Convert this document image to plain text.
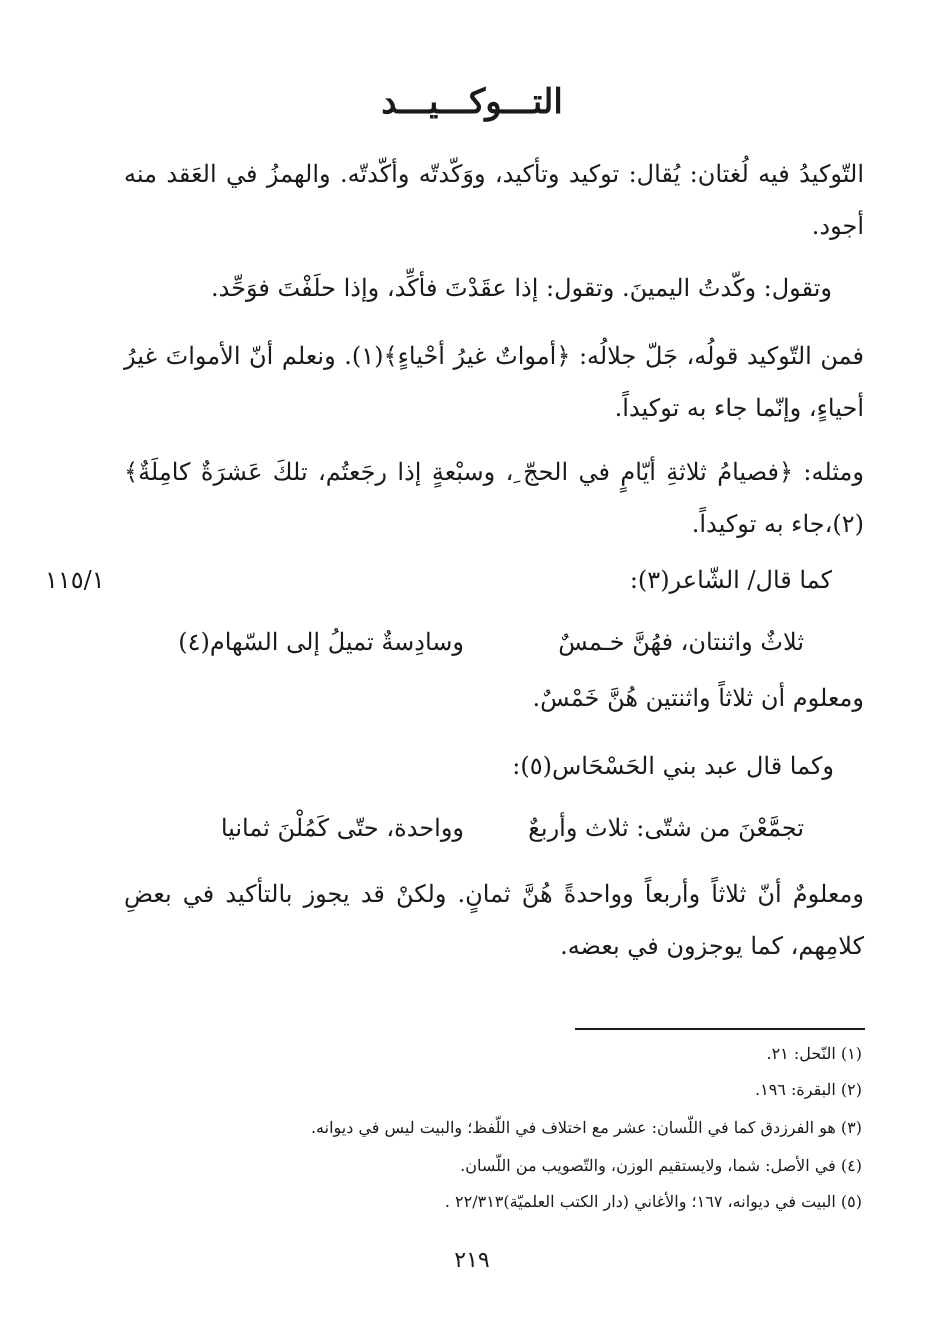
التـــوكـــيـــد

التّوكيدُ فيه لُغتان: يُقال: توكيد وتأكيد، ووَكّدتّه وأكّدتّه. والهمزُ في العَقد منه أجود.

وتقول: وكّدتُ اليمينَ. وتقول: إذا عقَدْتَ فأكِّد، وإذا حلَفْتَ فوَحِّد.

فمن التّوكيد قولُه، جَلّ جلالُه: ﴿أمواتٌ غيرُ أحْياءٍ﴾(١). ونعلم أنّ الأمواتَ غيرُ أحياءٍ، وإنّما جاء به توكيداً.

ومثله: ﴿فصيامُ ثلاثةِ أيّامٍ في الحجّ ِ، وسبْعةٍ إذا رجَعتُم، تلكَ عَشرَةٌ كامِلَةٌ﴾(٢)،جاء به توكيداً.

كما قال/ الشّاعر(٣):
١١٥/١
ثلاثٌ واثنتان، فهُنَّ خـمسٌ
وسادِسةٌ تميلُ إلى السّهام(٤)
ومعلوم أن ثلاثاً واثنتين هُنَّ خَمْسٌ.
وكما قال عبد بني الحَسْحَاس(٥):
تجمَّعْنَ من شتّى: ثلاث وأربعٌ
وواحدة، حتّى كَمُلْنَ ثمانيا

ومعلومٌ أنّ ثلاثاً وأربعاً وواحدةً هُنَّ ثمانٍ. ولكنْ قد يجوز بالتأكيد في بعضِ كلامِهم، كما يوجزون في بعضه.

(١) النّحل: ٢١.
(٢) البقرة: ١٩٦.
(٣) هو الفرزدق كما في اللّسان: عشر مع اختلاف في اللّفظ؛ والبيت ليس في ديوانه.
(٤) في الأصل: شما، ولايستقيم الوزن، والتّصويب من اللّسان.
(٥) البيت في ديوانه، ١٦٧؛ والأغاني (دار الكتب العلميّة)٢٢/٣١٣ .
٢١٩
